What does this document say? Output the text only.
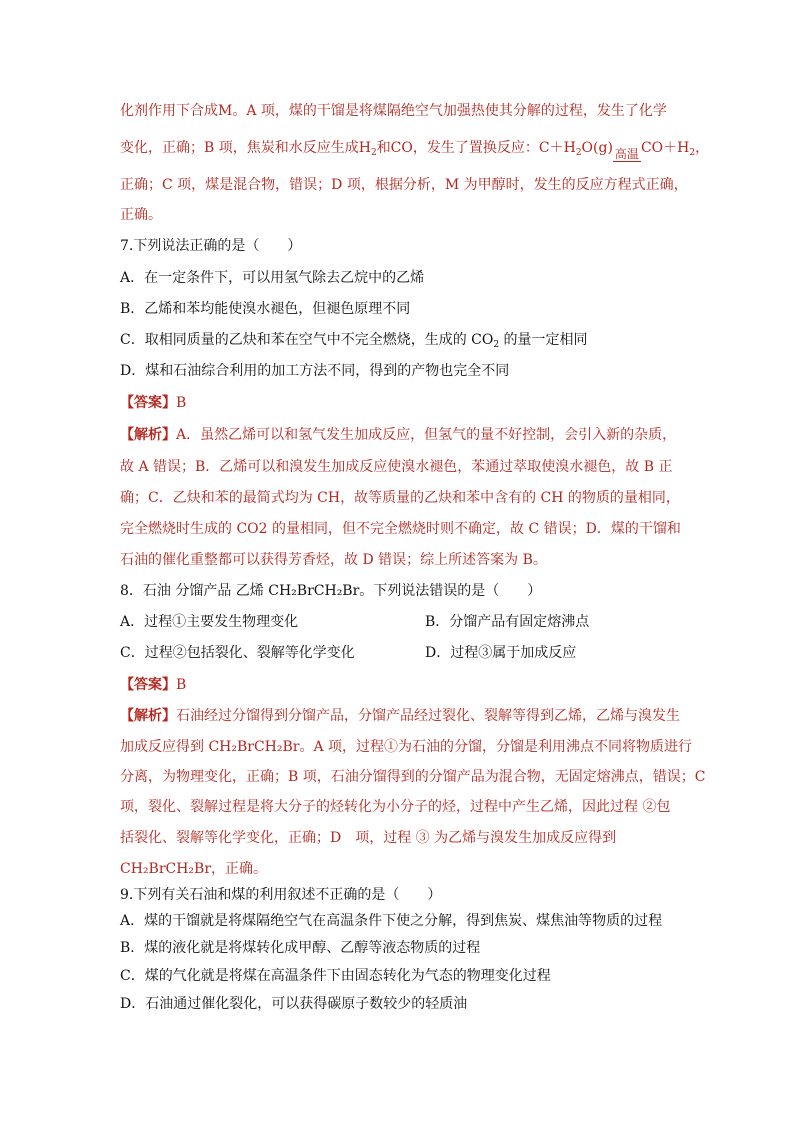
化剂作用下合成M。A 项，煤的干馏是将煤隔绝空气加强热使其分解的过程，发生了化学
变化，正确；B 项，焦炭和水反应生成$H_2$和CO，发生了置换反应：$C+H_2O(g)$ 高温 $CO+H_2$，
正确；C 项，煤是混合物，错误；D 项，根据分析，M 为甲醇时，发生的反应方程式正确，
正确。
7.下列说法正确的是（　　）
A．在一定条件下，可以用氢气除去乙烷中的乙烯
B．乙烯和苯均能使溴水褪色，但褪色原理不同
C．取相同质量的乙炔和苯在空气中不完全燃烧，生成的 $CO_2$ 的量一定相同
D．煤和石油综合利用的加工方法不同，得到的产物也完全不同
【答案】B
【解析】A．虽然乙烯可以和氢气发生加成反应，但氢气的量不好控制，会引入新的杂质，
故 A 错误；B．乙烯可以和溴发生加成反应使溴水褪色，苯通过萃取使溴水褪色，故 B 正
确；C．乙炔和苯的最简式均为 CH，故等质量的乙炔和苯中含有的 CH 的物质的量相同，
完全燃烧时生成的 CO2 的量相同，但不完全燃烧时则不确定，故 C 错误；D．煤的干馏和
石油的催化重整都可以获得芳香烃，故 D 错误；综上所述答案为 B。
8．石油 分馏产品 乙烯 CH₂BrCH₂Br。下列说法错误的是（　　）
A．过程①主要发生物理变化	B．分馏产品有固定熔沸点
C．过程②包括裂化、裂解等化学变化	D．过程③属于加成反应
【答案】B
【解析】石油经过分馏得到分馏产品，分馏产品经过裂化、裂解等得到乙烯，乙烯与溴发生
加成反应得到 CH₂BrCH₂Br。A 项，过程①为石油的分馏，分馏是利用沸点不同将物质进行
分离，为物理变化，正确；B 项，石油分馏得到的分馏产品为混合物，无固定熔沸点，错误；C
项，裂化、裂解过程是将大分子的烃转化为小分子的烃，过程中产生乙烯，因此过程 ②包
括裂化、裂解等化学变化，正确；D　项，过程 ③ 为乙烯与溴发生加成反应得到
CH₂BrCH₂Br，正确。
9.下列有关石油和煤的利用叙述不正确的是（　　）
A．煤的干馏就是将煤隔绝空气在高温条件下使之分解，得到焦炭、煤焦油等物质的过程
B．煤的液化就是将煤转化成甲醇、乙醇等液态物质的过程
C．煤的气化就是将煤在高温条件下由固态转化为气态的物理变化过程
D．石油通过催化裂化，可以获得碳原子数较少的轻质油
